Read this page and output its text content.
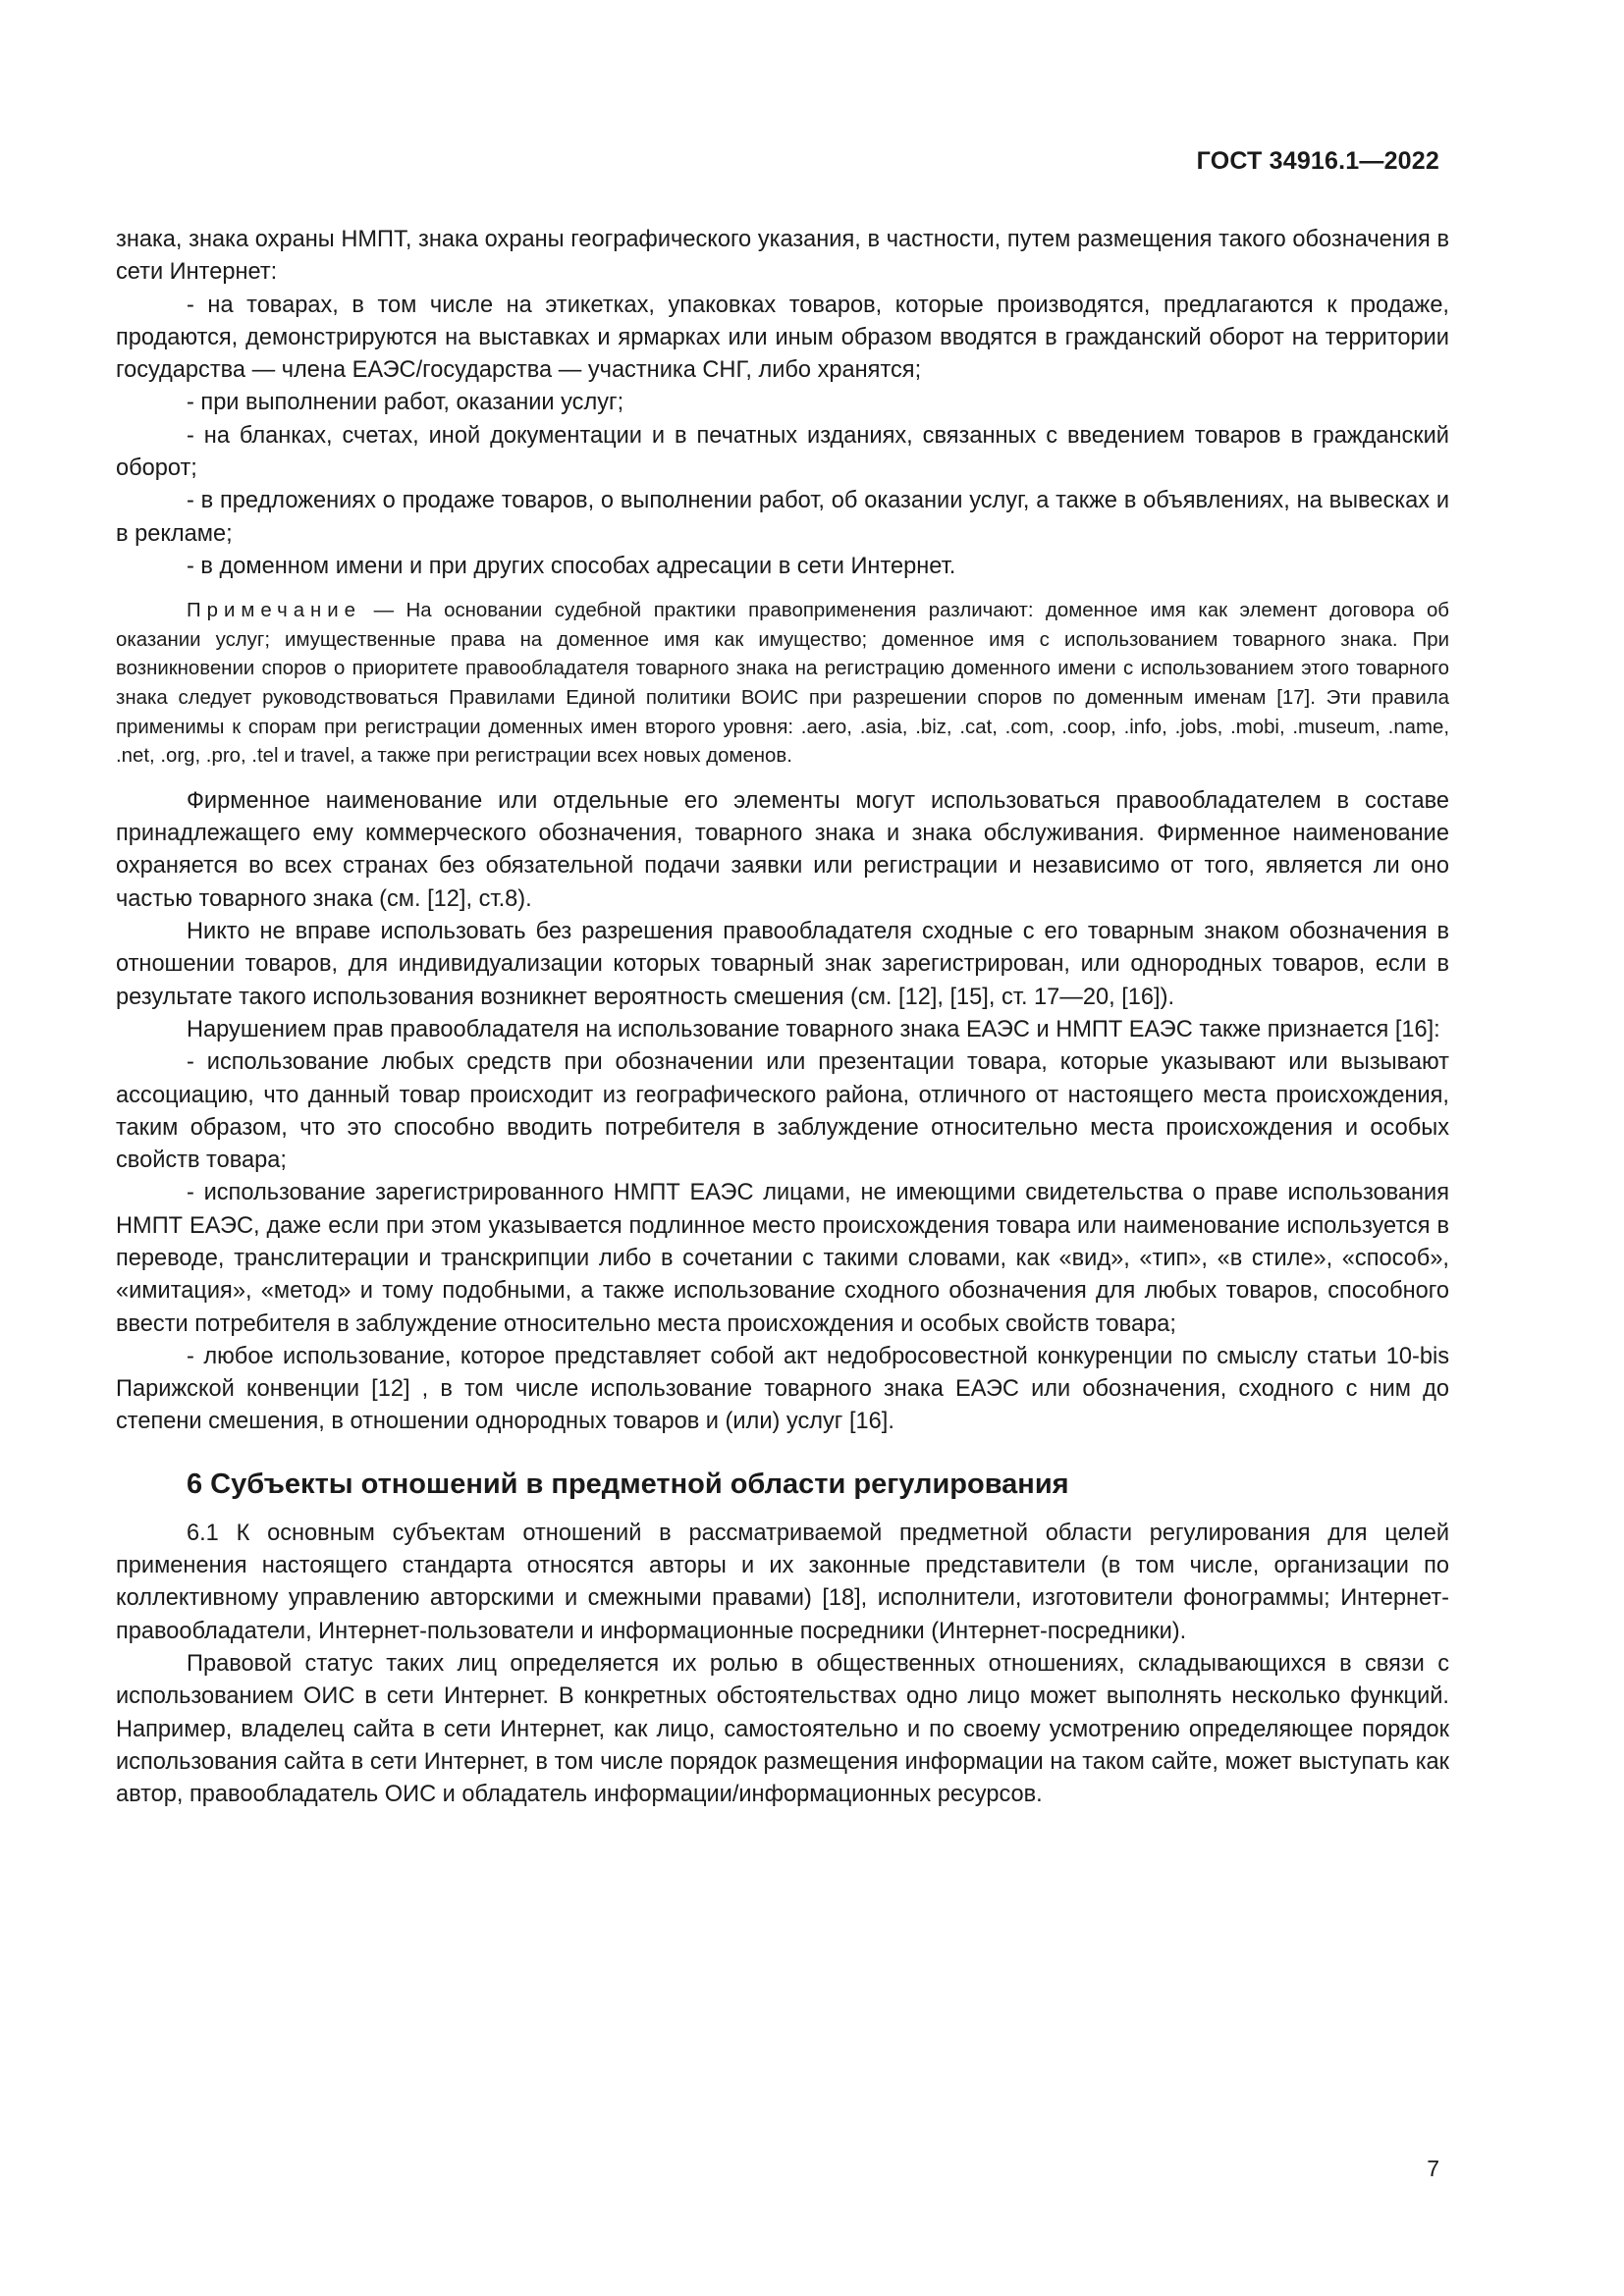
ГОСТ 34916.1—2022

знака, знака охраны НМПТ, знака охраны географического указания, в частности, путем размещения такого обозначения в сети Интернет:

- на товарах, в том числе на этикетках, упаковках товаров, которые производятся, предлагаются к продаже, продаются, демонстрируются на выставках и ярмарках или иным образом вводятся в гражданский оборот на территории государства — члена ЕАЭС/государства — участника СНГ, либо хранятся;

- при выполнении работ, оказании услуг;

- на бланках, счетах, иной документации и в печатных изданиях, связанных с введением товаров в гражданский оборот;

- в предложениях о продаже товаров, о выполнении работ, об оказании услуг, а также в объявлениях, на вывесках и в рекламе;

- в доменном имени и при других способах адресации в сети Интернет.

Примечание — На основании судебной практики правоприменения различают: доменное имя как элемент договора об оказании услуг; имущественные права на доменное имя как имущество; доменное имя с использованием товарного знака. При возникновении споров о приоритете правообладателя товарного знака на регистрацию доменного имени с использованием этого товарного знака следует руководствоваться Правилами Единой политики ВОИС при разрешении споров по доменным именам [17]. Эти правила применимы к спорам при регистрации доменных имен второго уровня: .aero, .asia, .biz, .cat, .com, .coop, .info, .jobs, .mobi, .museum, .name, .net, .org, .pro, .tel и travel, а также при регистрации всех новых доменов.

Фирменное наименование или отдельные его элементы могут использоваться правообладателем в составе принадлежащего ему коммерческого обозначения, товарного знака и знака обслуживания. Фирменное наименование охраняется во всех странах без обязательной подачи заявки или регистрации и независимо от того, является ли оно частью товарного знака (см. [12], ст.8).

Никто не вправе использовать без разрешения правообладателя сходные с его товарным знаком обозначения в отношении товаров, для индивидуализации которых товарный знак зарегистрирован, или однородных товаров, если в результате такого использования возникнет вероятность смешения (см. [12], [15], ст. 17—20, [16]).

Нарушением прав правообладателя на использование товарного знака ЕАЭС и НМПТ ЕАЭС также признается [16]:

- использование любых средств при обозначении или презентации товара, которые указывают или вызывают ассоциацию, что данный товар происходит из географического района, отличного от настоящего места происхождения, таким образом, что это способно вводить потребителя в заблуждение относительно места происхождения и особых свойств товара;

- использование зарегистрированного НМПТ ЕАЭС лицами, не имеющими свидетельства о праве использования НМПТ ЕАЭС, даже если при этом указывается подлинное место происхождения товара или наименование используется в переводе, транслитерации и транскрипции либо в сочетании с такими словами, как «вид», «тип», «в стиле», «способ», «имитация», «метод» и тому подобными, а также использование сходного обозначения для любых товаров, способного ввести потребителя в заблуждение относительно места происхождения и особых свойств товара;

- любое использование, которое представляет собой акт недобросовестной конкуренции по смыслу статьи 10-bis Парижской конвенции [12] , в том числе использование товарного знака ЕАЭС или обозначения, сходного с ним до степени смешения, в отношении однородных товаров и (или) услуг [16].

6 Субъекты отношений в предметной области регулирования

6.1 К основным субъектам отношений в рассматриваемой предметной области регулирования для целей применения настоящего стандарта относятся авторы и их законные представители (в том числе, организации по коллективному управлению авторскими и смежными правами) [18], исполнители, изготовители фонограммы; Интернет-правообладатели, Интернет-пользователи и информационные посредники (Интернет-посредники).

Правовой статус таких лиц определяется их ролью в общественных отношениях, складывающихся в связи с использованием ОИС в сети Интернет. В конкретных обстоятельствах одно лицо может выполнять несколько функций. Например, владелец сайта в сети Интернет, как лицо, самостоятельно и по своему усмотрению определяющее порядок использования сайта в сети Интернет, в том числе порядок размещения информации на таком сайте, может выступать как автор, правообладатель ОИС и обладатель информации/информационных ресурсов.

7
